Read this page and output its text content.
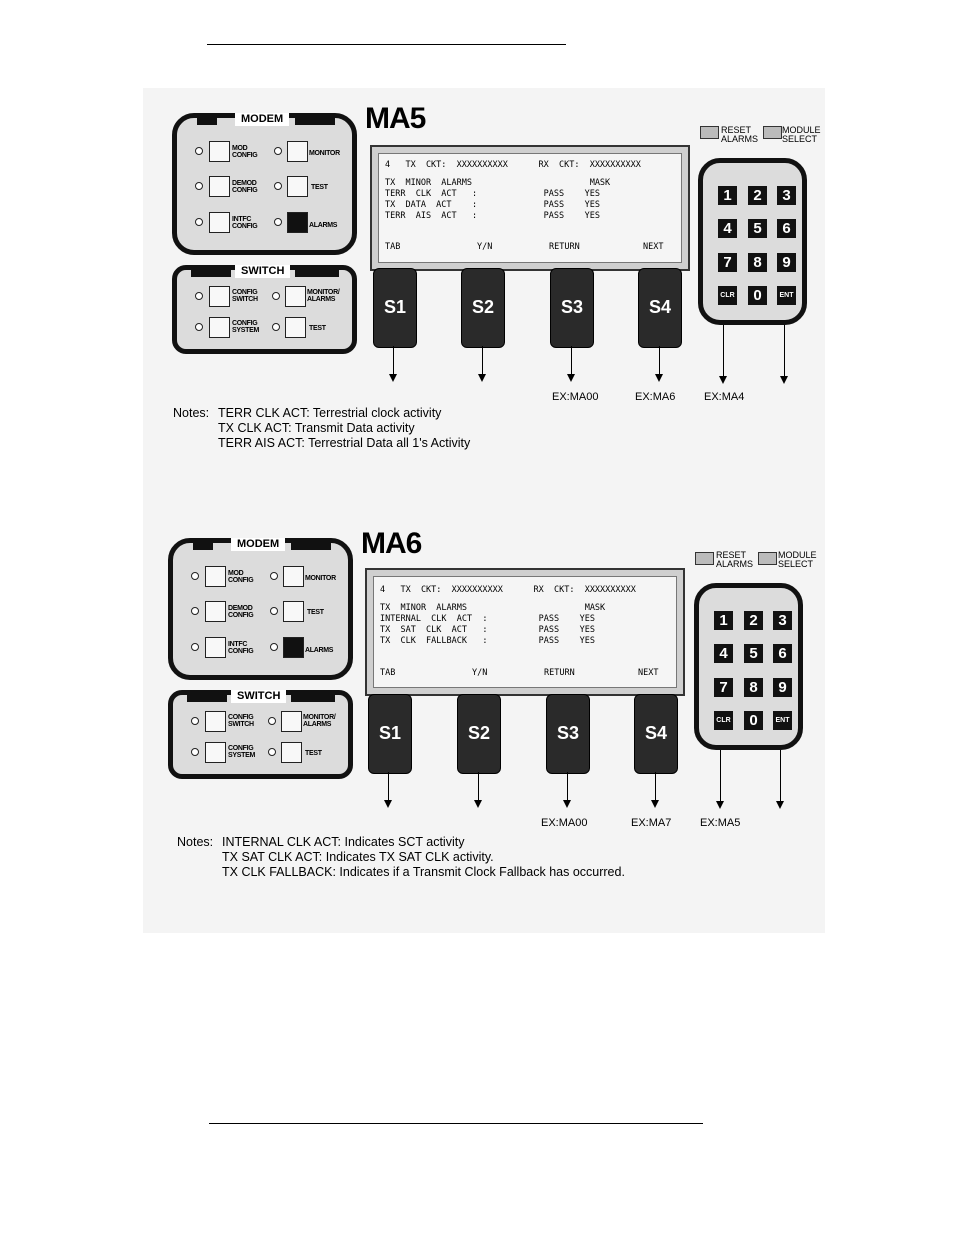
MODEM
MOD CONFIG
DEMOD CONFIG
INTFC CONFIG
MONITOR
TEST
ALARMS
SWITCH
CONFIG SWITCH
CONFIG SYSTEM
MONITOR/ ALARMS
TEST
MA5
4   TX  CKT:  XXXXXXXXXX      RX  CKT:  XXXXXXXXXX
TX  MINOR  ALARMS                       MASK
TERR  CLK  ACT   :             PASS    YES
TX  DATA  ACT    :             PASS    YES
TERR  AIS  ACT   :             PASS    YES
TAB	Y/N	RETURN	NEXT
S1	S2	S3	S4
EX:MA00	EX:MA6	EX:MA4
RESET ALARMS
MODULE SELECT
1	2	3
4	5	6
7	8	9
CLR	0	ENT
Notes: TERR CLK ACT: Terrestrial clock activity
TX CLK ACT: Transmit Data activity
TERR AIS ACT: Terrestrial Data all 1's Activity
MODEM
MOD CONFIG
DEMOD CONFIG
INTFC CONFIG
MONITOR
TEST
ALARMS
SWITCH
CONFIG SWITCH
CONFIG SYSTEM
MONITOR/ ALARMS
TEST
MA6
4   TX  CKT:  XXXXXXXXXX      RX  CKT:  XXXXXXXXXX
TX  MINOR  ALARMS                       MASK
INTERNAL  CLK  ACT  :          PASS    YES
TX  SAT  CLK  ACT   :          PASS    YES
TX  CLK  FALLBACK   :          PASS    YES
TAB	Y/N	RETURN	NEXT
S1	S2	S3	S4
EX:MA00	EX:MA7	EX:MA5
RESET ALARMS
MODULE SELECT
1	2	3
4	5	6
7	8	9
CLR	0	ENT
Notes: INTERNAL CLK ACT: Indicates SCT activity
TX SAT CLK ACT: Indicates TX SAT CLK activity.
TX CLK FALLBACK: Indicates if a Transmit Clock Fallback has occurred.
